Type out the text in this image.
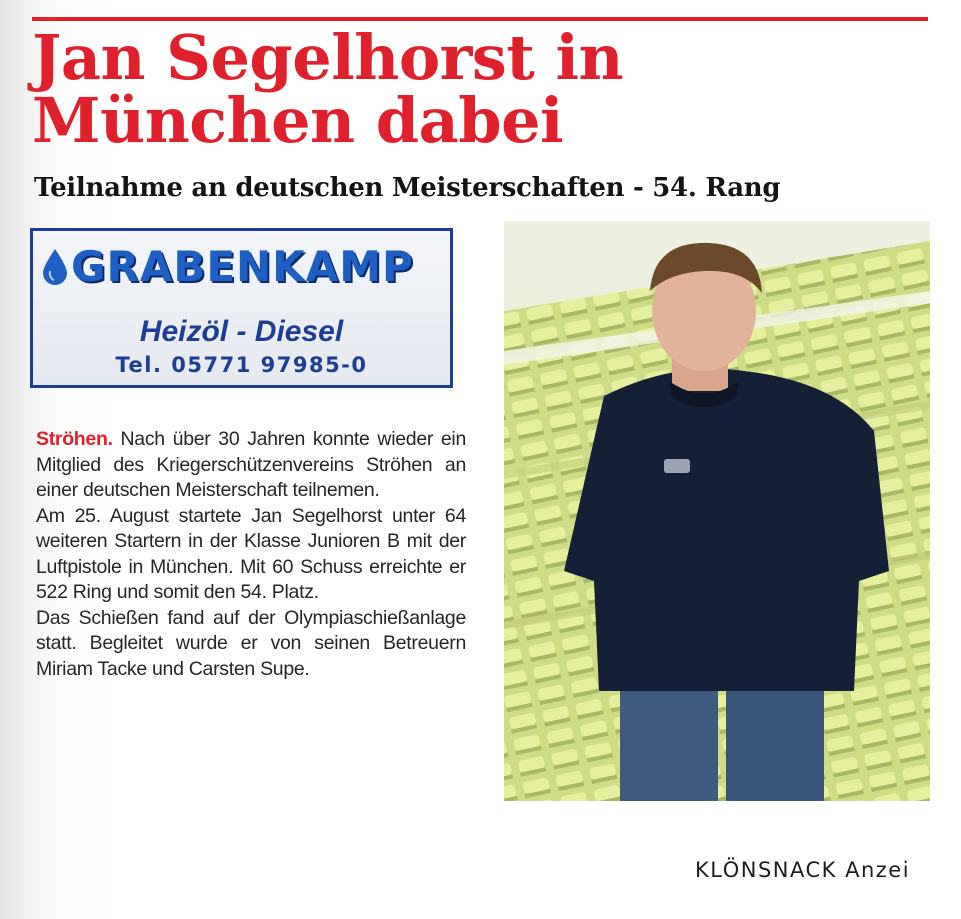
Jan Segelhorst in
München dabei
Teilnahme an deutschen Meisterschaften - 54. Rang
GRABENKAMP
Heizöl - Diesel
Tel. 05771 97985-0

Ströhen. Nach über 30 Jahren konnte wieder ein Mitglied des Kriegerschützenvereins Ströhen an einer deutschen Meisterschaft teilnemen.

Am 25. August startete Jan Segelhorst unter 64 weiteren Startern in der Klasse Junioren B mit der Luftpistole in München. Mit 60 Schuss erreichte er 522 Ring und somit den 54. Platz.

Das Schießen fand auf der Olympiaschießanlage statt. Begleitet wurde er von seinen Betreuern Miriam Tacke und Carsten Supe.

KLÖNSNACK Anzei
